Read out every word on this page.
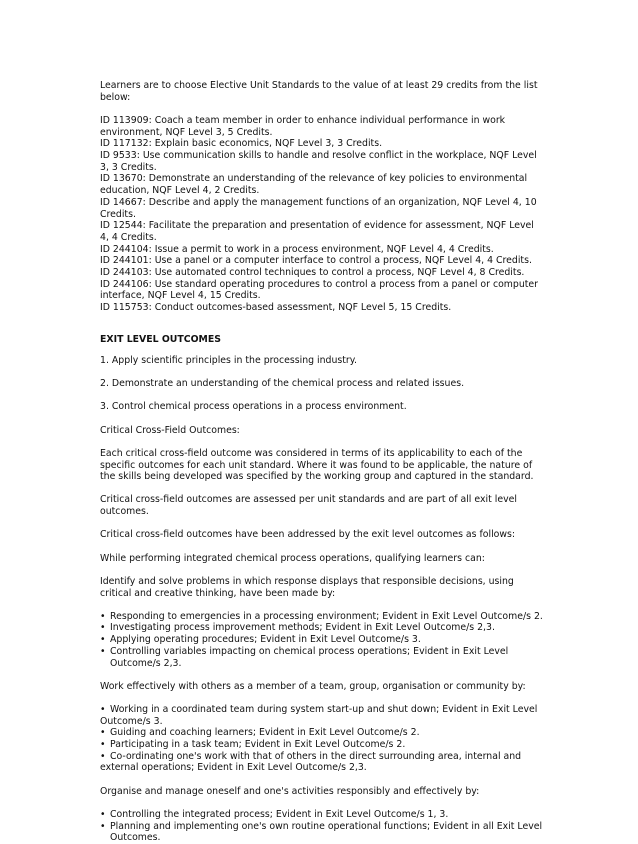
Learners are to choose Elective Unit Standards to the value of at least 29 credits from the list below:

ID 113909: Coach a team member in order to enhance individual performance in work environment, NQF Level 3, 5 Credits.

ID 117132: Explain basic economics, NQF Level 3, 3 Credits.

ID 9533: Use communication skills to handle and resolve conflict in the workplace, NQF Level 3, 3 Credits.

ID 13670: Demonstrate an understanding of the relevance of key policies to environmental education, NQF Level 4, 2 Credits.

ID 14667: Describe and apply the management functions of an organization, NQF Level 4, 10 Credits.

ID 12544: Facilitate the preparation and presentation of evidence for assessment, NQF Level 4, 4 Credits.

ID 244104: Issue a permit to work in a process environment, NQF Level 4, 4 Credits.

ID 244101: Use a panel or a computer interface to control a process, NQF Level 4, 4 Credits.

ID 244103: Use automated control techniques to control a process, NQF Level 4, 8 Credits.

ID 244106: Use standard operating procedures to control a process from a panel or computer interface, NQF Level 4, 15 Credits.

ID 115753: Conduct outcomes-based assessment, NQF Level 5, 15 Credits.

EXIT LEVEL OUTCOMES

1. Apply scientific principles in the processing industry.

2. Demonstrate an understanding of the chemical process and related issues.

3. Control chemical process operations in a process environment.

Critical Cross-Field Outcomes:

Each critical cross-field outcome was considered in terms of its applicability to each of the specific outcomes for each unit standard. Where it was found to be applicable, the nature of the skills being developed was specified by the working group and captured in the standard.

Critical cross-field outcomes are assessed per unit standards and are part of all exit level outcomes.

Critical cross-field outcomes have been addressed by the exit level outcomes as follows:

While performing integrated chemical process operations, qualifying learners can:

Identify and solve problems in which response displays that responsible decisions, using critical and creative thinking, have been made by:

• Responding to emergencies in a processing environment; Evident in Exit Level Outcome/s 2.
• Investigating process improvement methods; Evident in Exit Level Outcome/s 2,3.
• Applying operating procedures; Evident in Exit Level Outcome/s 3.
• Controlling variables impacting on chemical process operations; Evident in Exit Level Outcome/s 2,3.

Work effectively with others as a member of a team, group, organisation or community by:

• Working in a coordinated team during system start-up and shut down; Evident in Exit Level Outcome/s 3.
• Guiding and coaching learners; Evident in Exit Level Outcome/s 2.
• Participating in a task team; Evident in Exit Level Outcome/s 2.
• Co-ordinating one's work with that of others in the direct surrounding area, internal and external operations; Evident in Exit Level Outcome/s 2,3.

Organise and manage oneself and one's activities responsibly and effectively by:

• Controlling the integrated process; Evident in Exit Level Outcome/s 1, 3.
• Planning and implementing one's own routine operational functions; Evident in all Exit Level Outcomes.
